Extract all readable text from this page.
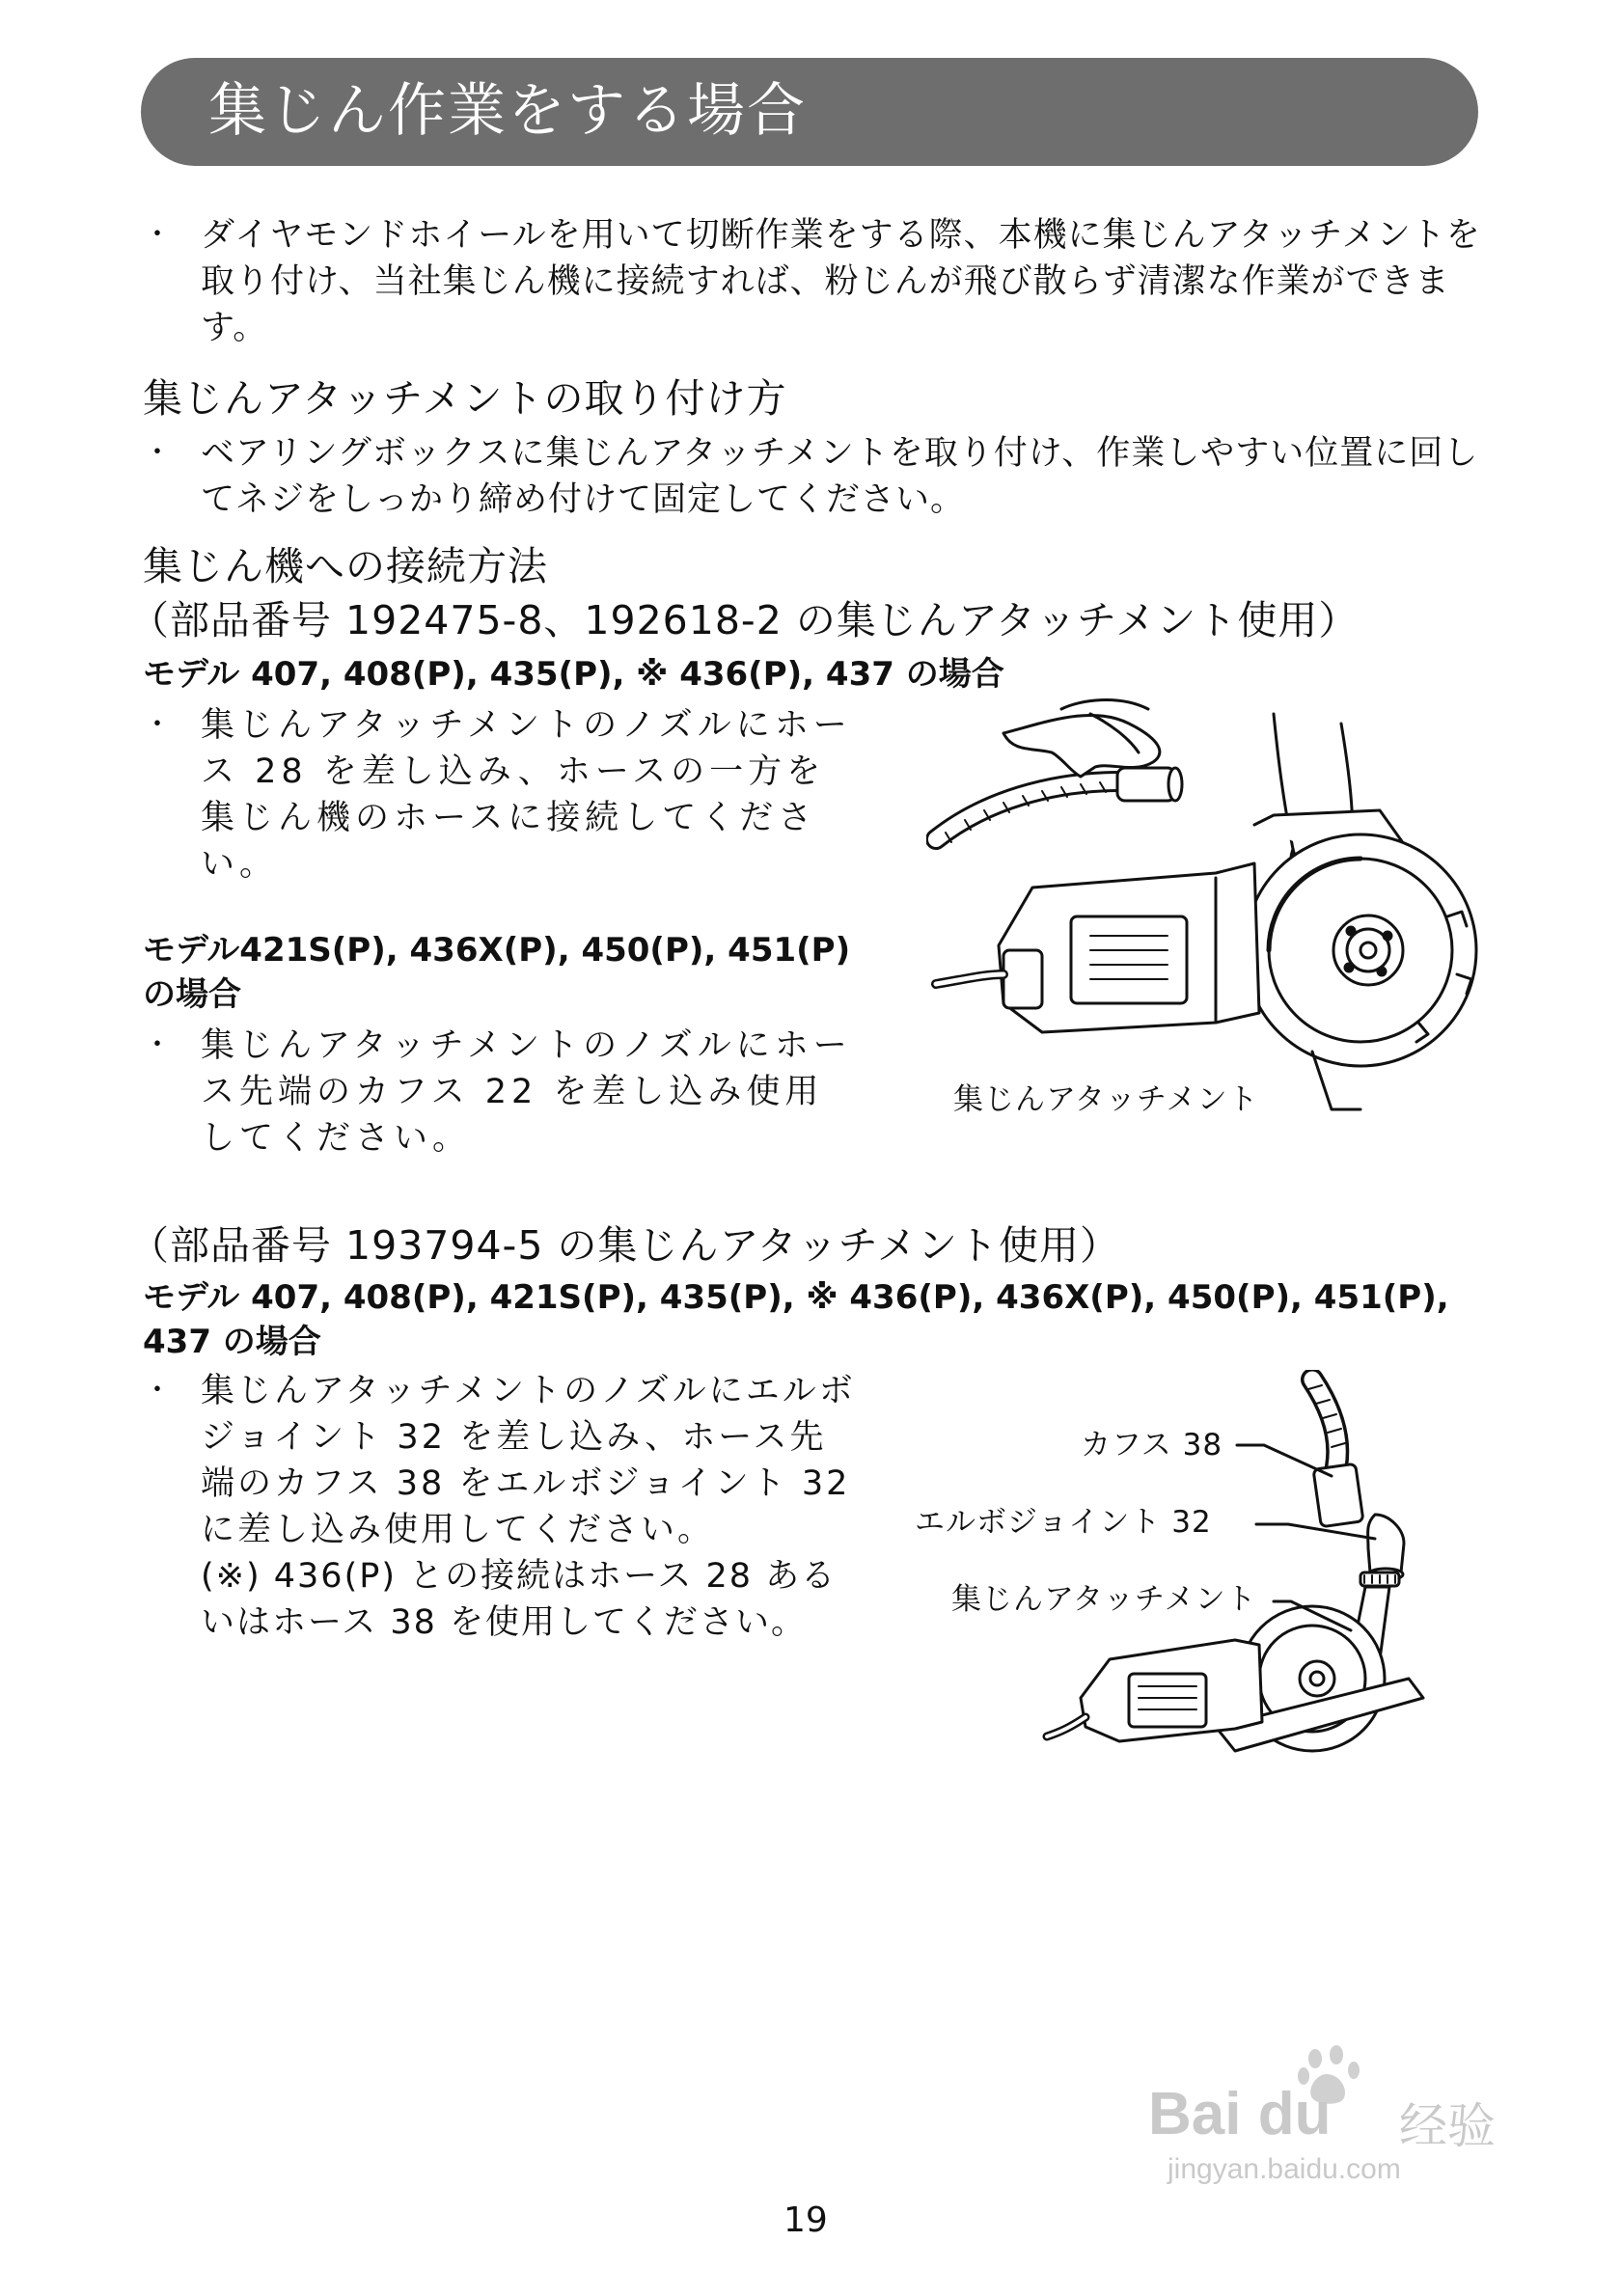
集じん作業をする場合
・ ダイヤモンドホイールを用いて切断作業をする際、本機に集じんアタッチメントを取り付け、当社集じん機に接続すれば、粉じんが飛び散らず清潔な作業ができます。
集じんアタッチメントの取り付け方
・ ベアリングボックスに集じんアタッチメントを取り付け、作業しやすい位置に回してネジをしっかり締め付けて固定してください。
集じん機への接続方法
（部品番号 192475-8、192618-2 の集じんアタッチメント使用）
モデル 407, 408(P), 435(P), ※ 436(P), 437 の場合
・ 集じんアタッチメントのノズルにホース 28 を差し込み、ホースの一方を集じん機のホースに接続してください。
モデル421S(P), 436X(P), 450(P), 451(P)の場合
・ 集じんアタッチメントのノズルにホース先端のカフス 22 を差し込み使用してください。
集じんアタッチメント
（部品番号 193794-5 の集じんアタッチメント使用）
モデル 407, 408(P), 421S(P), 435(P), ※ 436(P), 436X(P), 450(P), 451(P), 437 の場合
・ 集じんアタッチメントのノズルにエルボジョイント 32 を差し込み、ホース先端のカフス 38 をエルボジョイント 32 に差し込み使用してください。
(※) 436(P) との接続はホース 28 あるいはホース 38 を使用してください。
カフス 38
エルボジョイント 32
集じんアタッチメント
Bai du 经验
jingyan.baidu.com
19
